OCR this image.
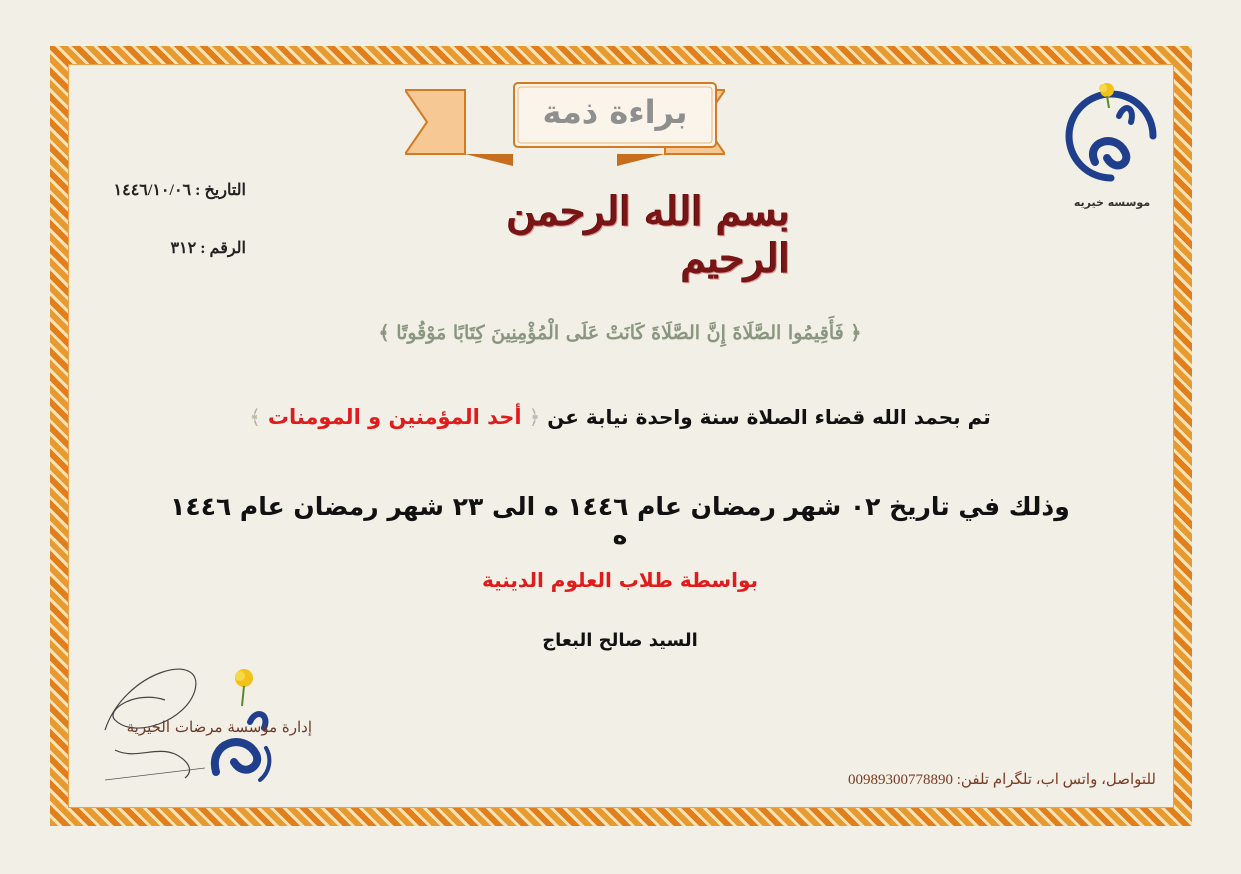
براءة ذمة
التاريخ : ١٤٤٦/١٠/٠٦
الرقم : ٣١٢
بسم الله الرحمن الرحيم
موسسه خيريه
﴿ فَأَقِيمُوا الصَّلَاةَ إِنَّ الصَّلَاةَ كَانَتْ عَلَى الْمُؤْمِنِينَ كِتَابًا مَوْقُوتًا ﴾
تم بحمد الله قضاء الصلاة سنة واحدة نيابة عن ﴿ أحد المؤمنين و المومنات ﴾
وذلك في تاريخ ٠٢ شهر رمضان عام ١٤٤٦ ه الى ٢٣ شهر رمضان عام ١٤٤٦ ه
بواسطة طلاب العلوم الدينية
السيد صالح البعاج
إدارة مؤسسة مرضات الخيرية
للتواصل، واتس اب، تلگرام تلفن: 00989300778890
